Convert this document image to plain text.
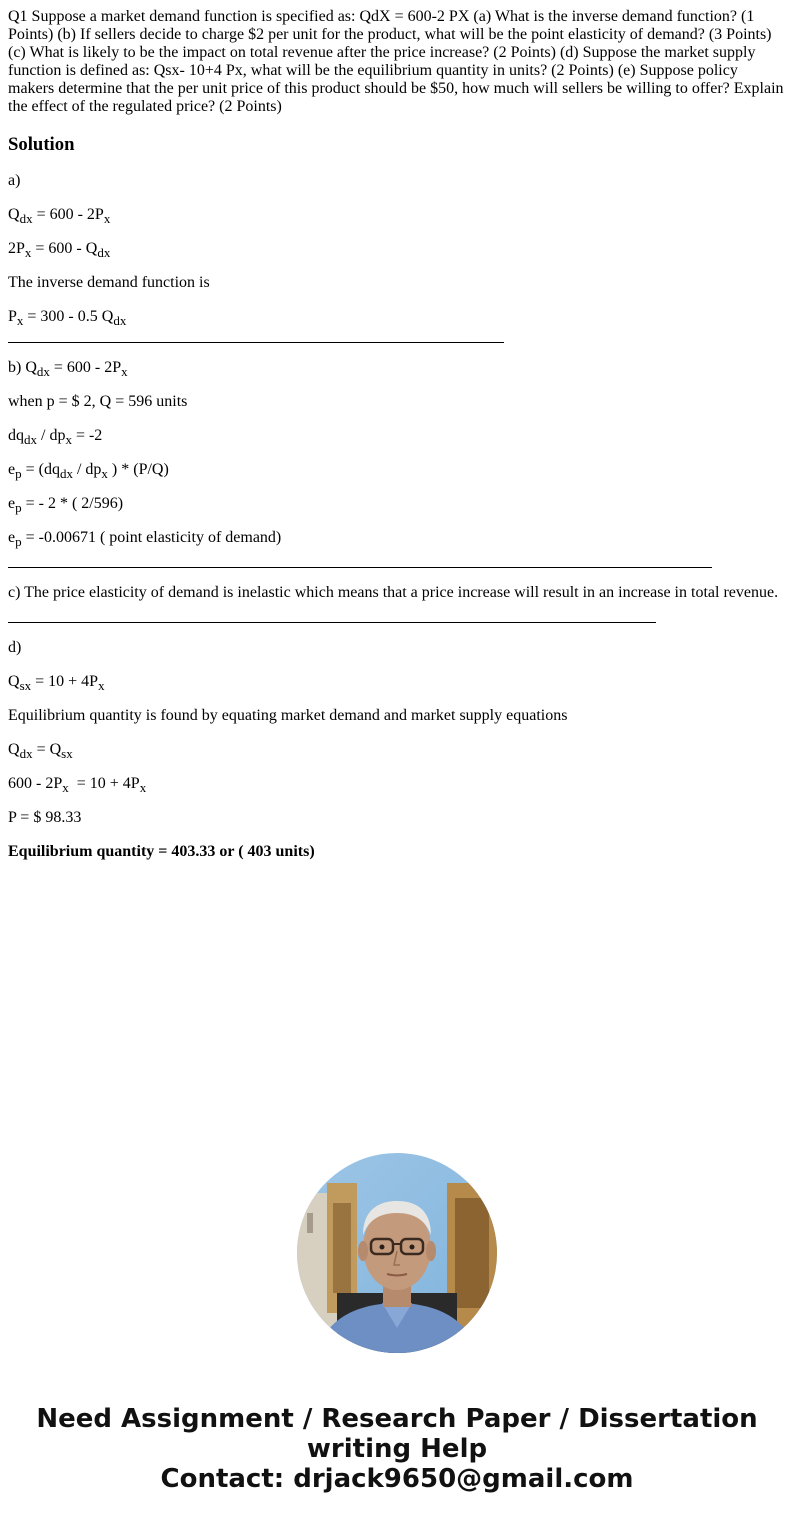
Q1 Suppose a market demand function is specified as: QdX = 600-2 PX (a) What is the inverse demand function? (1 Points) (b) If sellers decide to charge $2 per unit for the product, what will be the point elasticity of demand? (3 Points) (c) What is likely to be the impact on total revenue after the price increase? (2 Points) (d) Suppose the market supply function is defined as: Qsx- 10+4 Px, what will be the equilibrium quantity in units? (2 Points) (e) Suppose policy makers determine that the per unit price of this product should be $50, how much will sellers be willing to offer? Explain the effect of the regulated price? (2 Points)

Solution

a)

$Q_{dx} = 600 - 2P_x$

$2P_x = 600 - Q_{dx}$

The inverse demand function is

$P_x = 300 - 0.5$ $Q_{dx}$

b) $Q_{dx} = 600 - 2P_x$

when p = $ 2, Q = 596 units

$dq_{dx} / dp_x = -2$

$e_p = (dq_{dx} / dp_x$ ) * (P/Q)

$e_p$ = - 2 * ( 2/596)

$e_p = -0.00671$ ( point elasticity of demand)

c) The price elasticity of demand is inelastic which means that a price increase will result in an increase in total revenue.

d)

$Q_{sx} = 10 + 4P_x$

Equilibrium quantity is found by equating market demand and market supply equations

$Q_{dx} = Q_{sx}$

$600 - 2P_x = 10 + 4P_x$

P = $ 98.33

Equilibrium quantity = 403.33 or ( 403 units)

Need Assignment / Research Paper / Dissertation
writing Help
Contact: drjack9650@gmail.com
